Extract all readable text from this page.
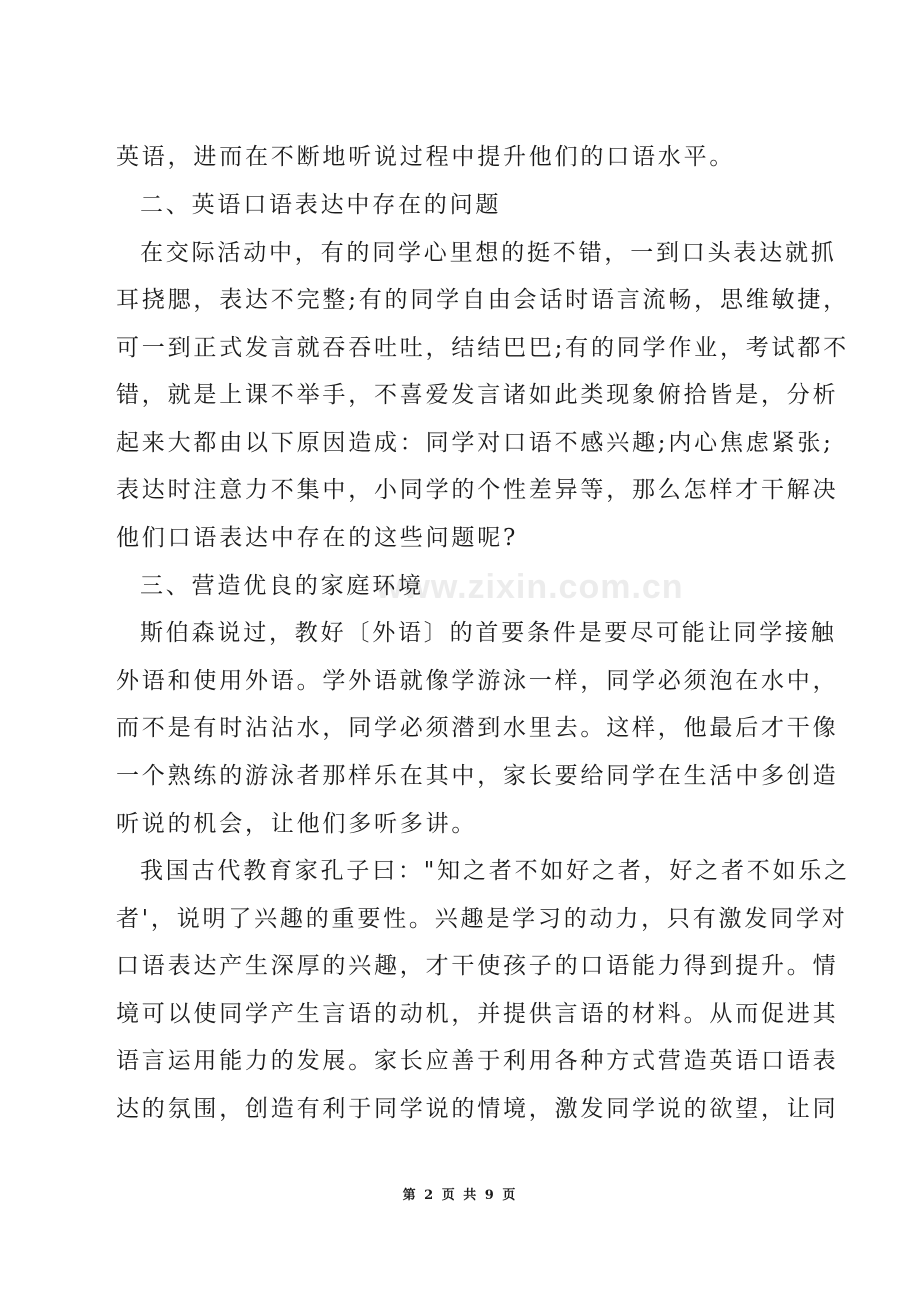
www.zixin.com.cn
英语，进而在不断地听说过程中提升他们的口语水平。
二、英语口语表达中存在的问题
在交际活动中，有的同学心里想的挺不错，一到口头表达就抓
耳挠腮，表达不完整;有的同学自由会话时语言流畅，思维敏捷，
可一到正式发言就吞吞吐吐，结结巴巴;有的同学作业，考试都不
错，就是上课不举手，不喜爱发言诸如此类现象俯拾皆是，分析
起来大都由以下原因造成：同学对口语不感兴趣;内心焦虑紧张;
表达时注意力不集中，小同学的个性差异等，那么怎样才干解决
他们口语表达中存在的这些问题呢?
三、营造优良的家庭环境
斯伯森说过，教好〔外语〕的首要条件是要尽可能让同学接触
外语和使用外语。学外语就像学游泳一样，同学必须泡在水中，
而不是有时沾沾水，同学必须潜到水里去。这样，他最后才干像
一个熟练的游泳者那样乐在其中，家长要给同学在生活中多创造
听说的机会，让他们多听多讲。
我国古代教育家孔子曰："知之者不如好之者，好之者不如乐之
者'，说明了兴趣的重要性。兴趣是学习的动力，只有激发同学对
口语表达产生深厚的兴趣，才干使孩子的口语能力得到提升。情
境可以使同学产生言语的动机，并提供言语的材料。从而促进其
语言运用能力的发展。家长应善于利用各种方式营造英语口语表
达的氛围，创造有利于同学说的情境，激发同学说的欲望，让同
第 2 页 共 9 页
